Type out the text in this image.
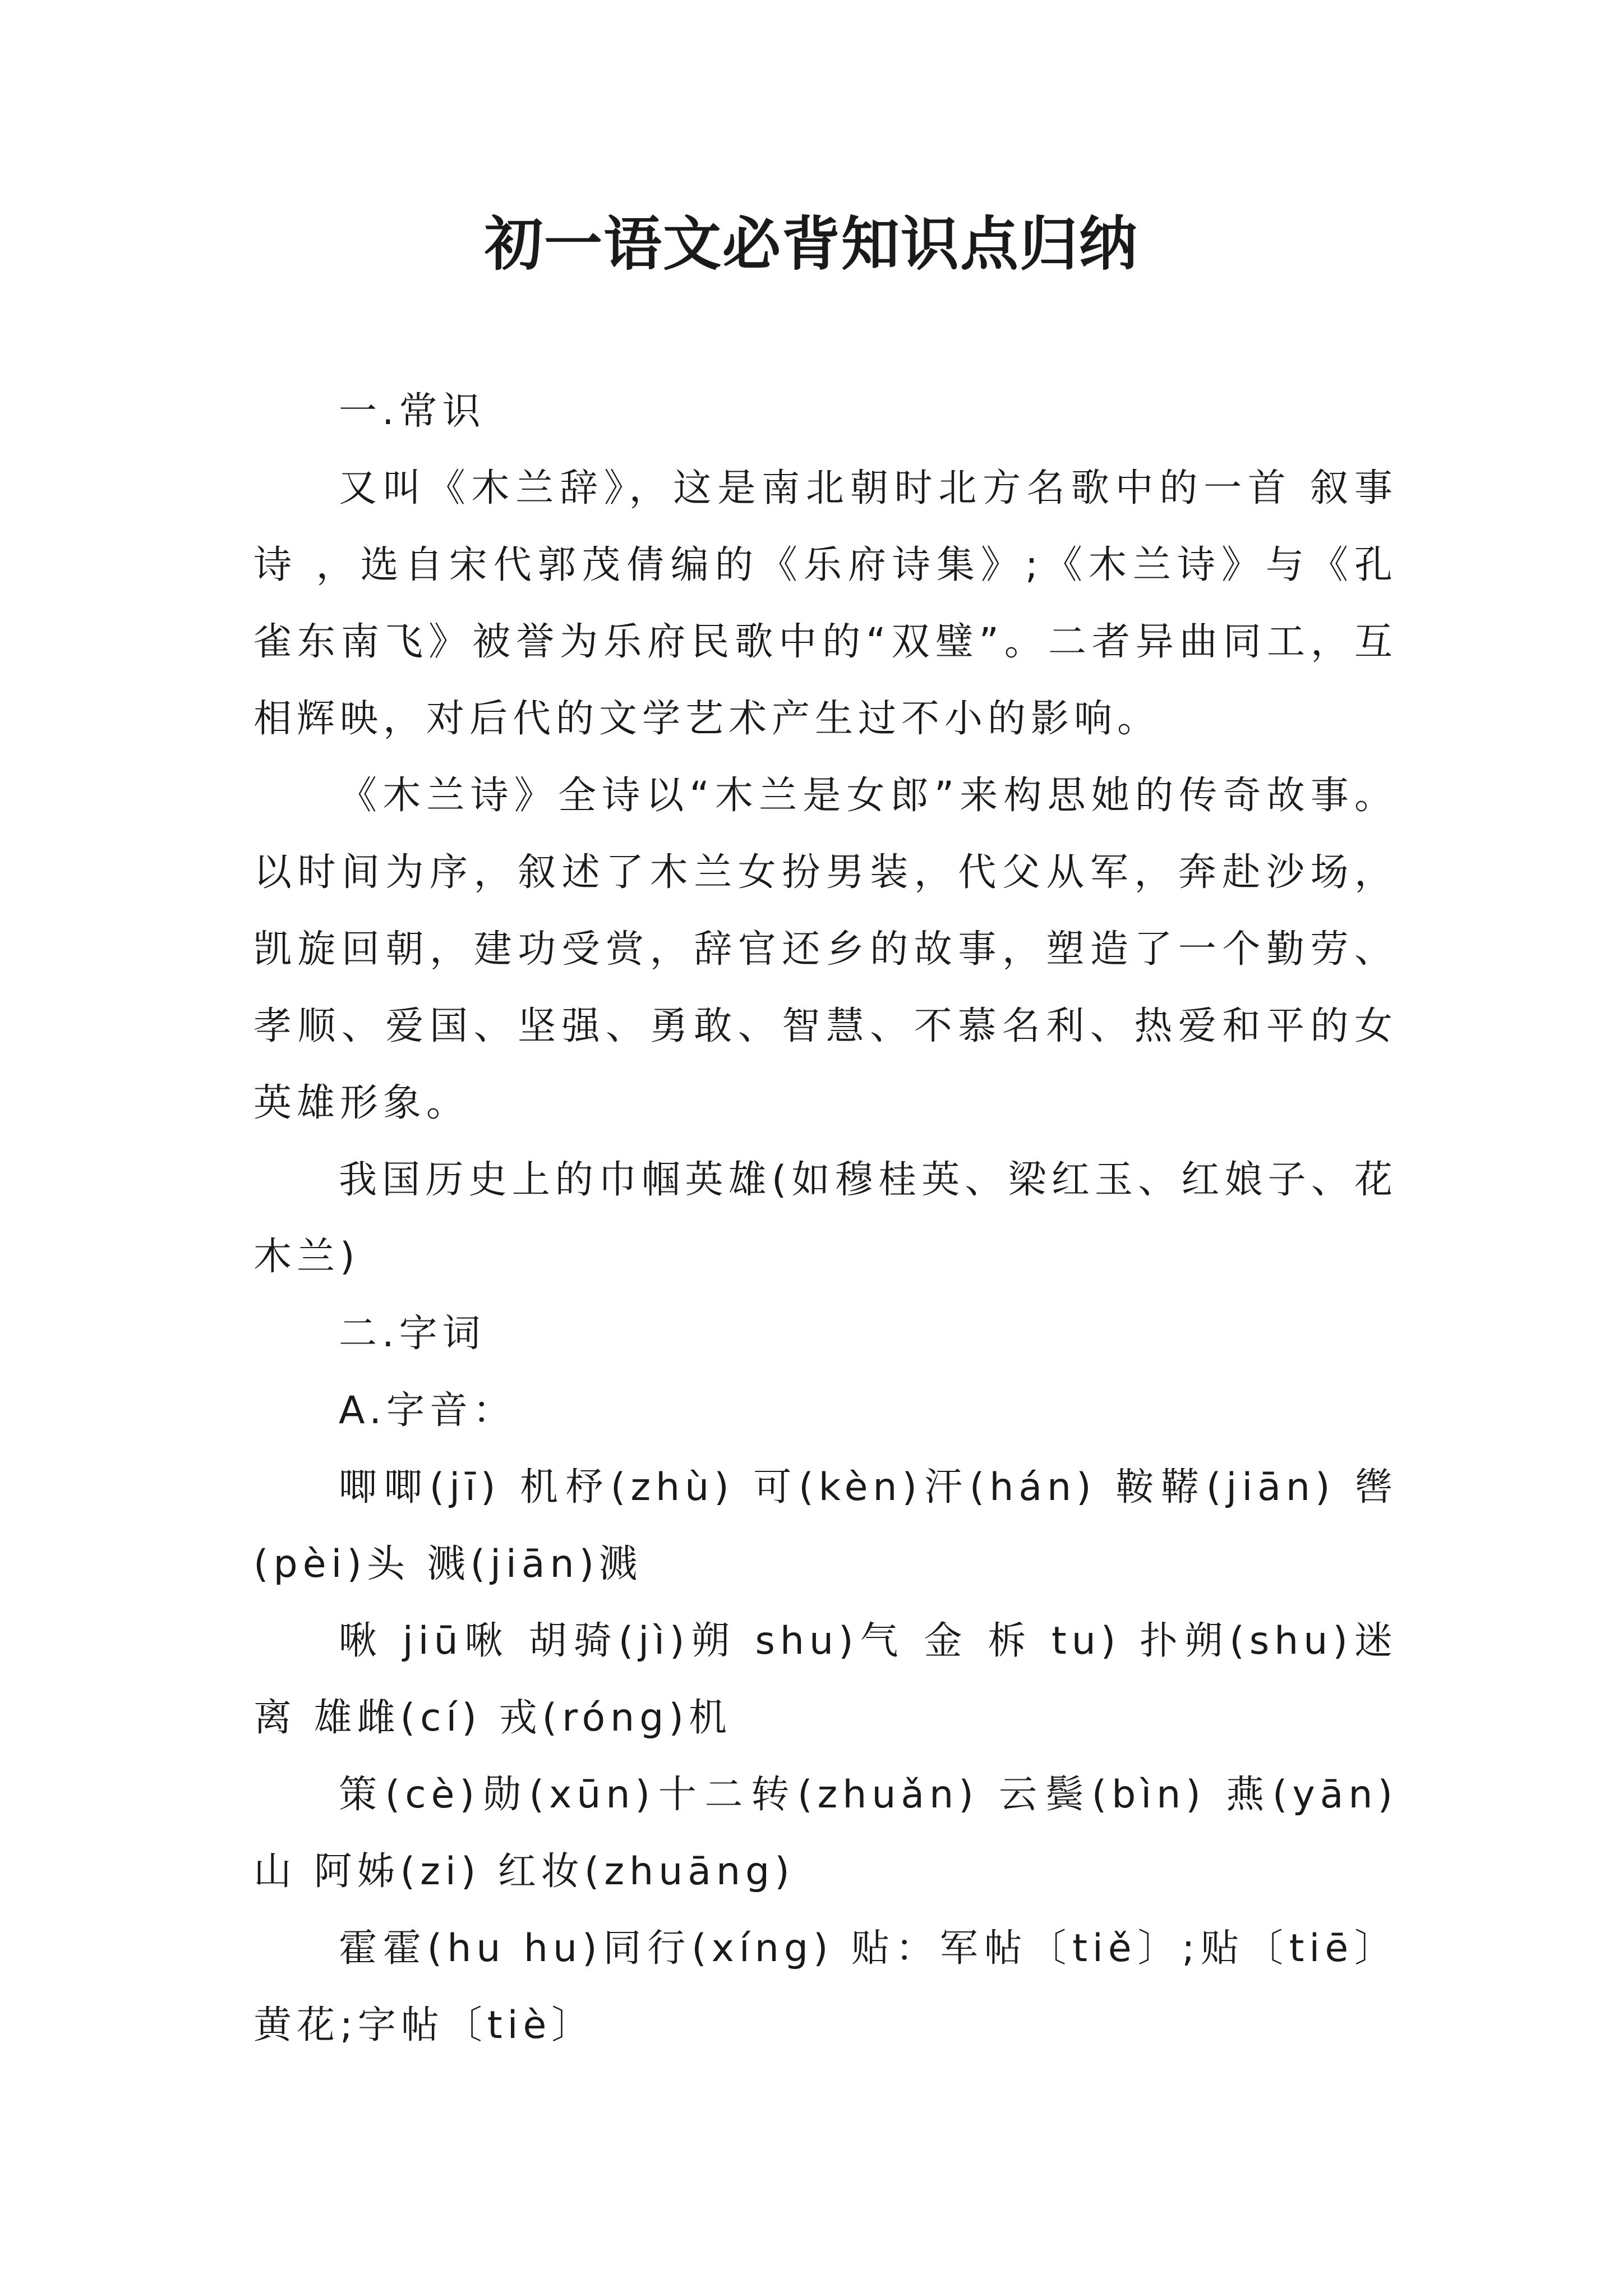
初一语文必背知识点归纳

一.常识

又叫《木兰辞》，这是南北朝时北方名歌中的一首 叙事诗 ，选自宋代郭茂倩编的《乐府诗集》;《木兰诗》与《孔雀东南飞》被誉为乐府民歌中的“双璧”。二者异曲同工，互相辉映，对后代的文学艺术产生过不小的影响。

《木兰诗》全诗以“木兰是女郎”来构思她的传奇故事。以时间为序，叙述了木兰女扮男装，代父从军，奔赴沙场，凯旋回朝，建功受赏，辞官还乡的故事，塑造了一个勤劳、孝顺、爱国、坚强、勇敢、智慧、不慕名利、热爱和平的女英雄形象。

我国历史上的巾帼英雄(如穆桂英、梁红玉、红娘子、花木兰)

二.字词

A.字音：

唧唧(jī) 机杼(zhù) 可(kèn)汗(hán) 鞍鞯(jiān) 辔(pèi)头 溅(jiān)溅

啾 jiū啾 胡骑(jì)朔 shu)气 金 柝 tu) 扑朔(shu)迷离 雄雌(cí) 戎(róng)机

策(cè)勋(xūn)十二转(zhuǎn) 云鬓(bìn) 燕(yān)山 阿姊(zi) 红妆(zhuāng)

霍霍(hu hu)同行(xíng) 贴：军帖〔tiě〕;贴〔tiē〕黄花;字帖〔tiè〕
